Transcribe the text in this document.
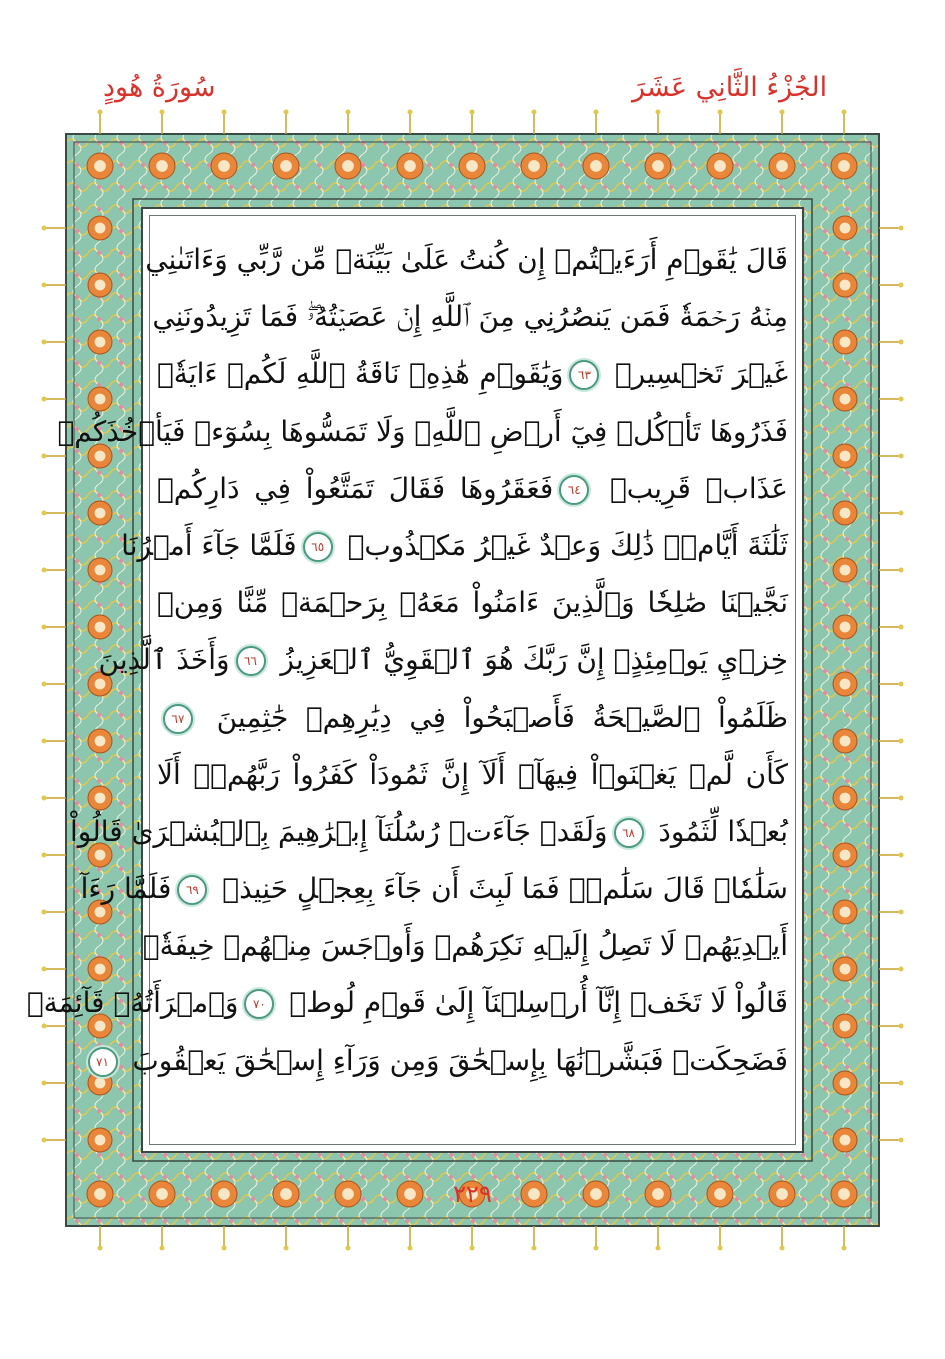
الجُزْءُ الثَّانِي عَشَرَ
سُورَةُ هُودٍ
قَالَ يَٰقَوۡمِ أَرَءَيۡتُمۡ إِن كُنتُ عَلَىٰ بَيِّنَةٖ مِّن رَّبِّي وَءَاتَىٰنِي
مِنۡهُ رَحۡمَةٗ فَمَن يَنصُرُنِي مِنَ ٱللَّهِ إِنۡ عَصَيۡتُهُۥۖ فَمَا تَزِيدُونَنِي
غَيۡرَ تَخۡسِيرٖ ٦٣وَيَٰقَوۡمِ هَٰذِهِۦ نَاقَةُ ٱللَّهِ لَكُمۡ ءَايَةٗۖ
فَذَرُوهَا تَأۡكُلۡ فِيٓ أَرۡضِ ٱللَّهِۖ وَلَا تَمَسُّوهَا بِسُوٓءٖ فَيَأۡخُذَكُمۡ
عَذَابٞ قَرِيبٞ ٦٤فَعَقَرُوهَا فَقَالَ تَمَتَّعُواْ فِي دَارِكُمۡ
ثَلَٰثَةَ أَيَّامٖۖ ذَٰلِكَ وَعۡدٌ غَيۡرُ مَكۡذُوبٖ ٦٥فَلَمَّا جَآءَ أَمۡرُنَا
نَجَّيۡنَا صَٰلِحٗا وَٱلَّذِينَ ءَامَنُواْ مَعَهُۥ بِرَحۡمَةٖ مِّنَّا وَمِنۡ
خِزۡيِ يَوۡمِئِذٍۚ إِنَّ رَبَّكَ هُوَ ٱلۡقَوِيُّ ٱلۡعَزِيزُ ٦٦وَأَخَذَ ٱلَّذِينَ
ظَلَمُواْ ٱلصَّيۡحَةُ فَأَصۡبَحُواْ فِي دِيَٰرِهِمۡ جَٰثِمِينَ ٦٧
كَأَن لَّمۡ يَغۡنَوۡاْ فِيهَآۗ أَلَآ إِنَّ ثَمُودَاْ كَفَرُواْ رَبَّهُمۡۗ أَلَا
بُعۡدٗا لِّثَمُودَ ٦٨وَلَقَدۡ جَآءَتۡ رُسُلُنَآ إِبۡرَٰهِيمَ بِٱلۡبُشۡرَىٰ قَالُواْ
سَلَٰمٗاۖ قَالَ سَلَٰمٞۖ فَمَا لَبِثَ أَن جَآءَ بِعِجۡلٍ حَنِيذٖ ٦٩فَلَمَّا رَءَآ
أَيۡدِيَهُمۡ لَا تَصِلُ إِلَيۡهِ نَكِرَهُمۡ وَأَوۡجَسَ مِنۡهُمۡ خِيفَةٗۚ
قَالُواْ لَا تَخَفۡ إِنَّآ أُرۡسِلۡنَآ إِلَىٰ قَوۡمِ لُوطٖ ٧٠وَٱمۡرَأَتُهُۥ قَآئِمَةٞ
فَضَحِكَتۡ فَبَشَّرۡنَٰهَا بِإِسۡحَٰقَ وَمِن وَرَآءِ إِسۡحَٰقَ يَعۡقُوبَ ٧١
٢٢٩
